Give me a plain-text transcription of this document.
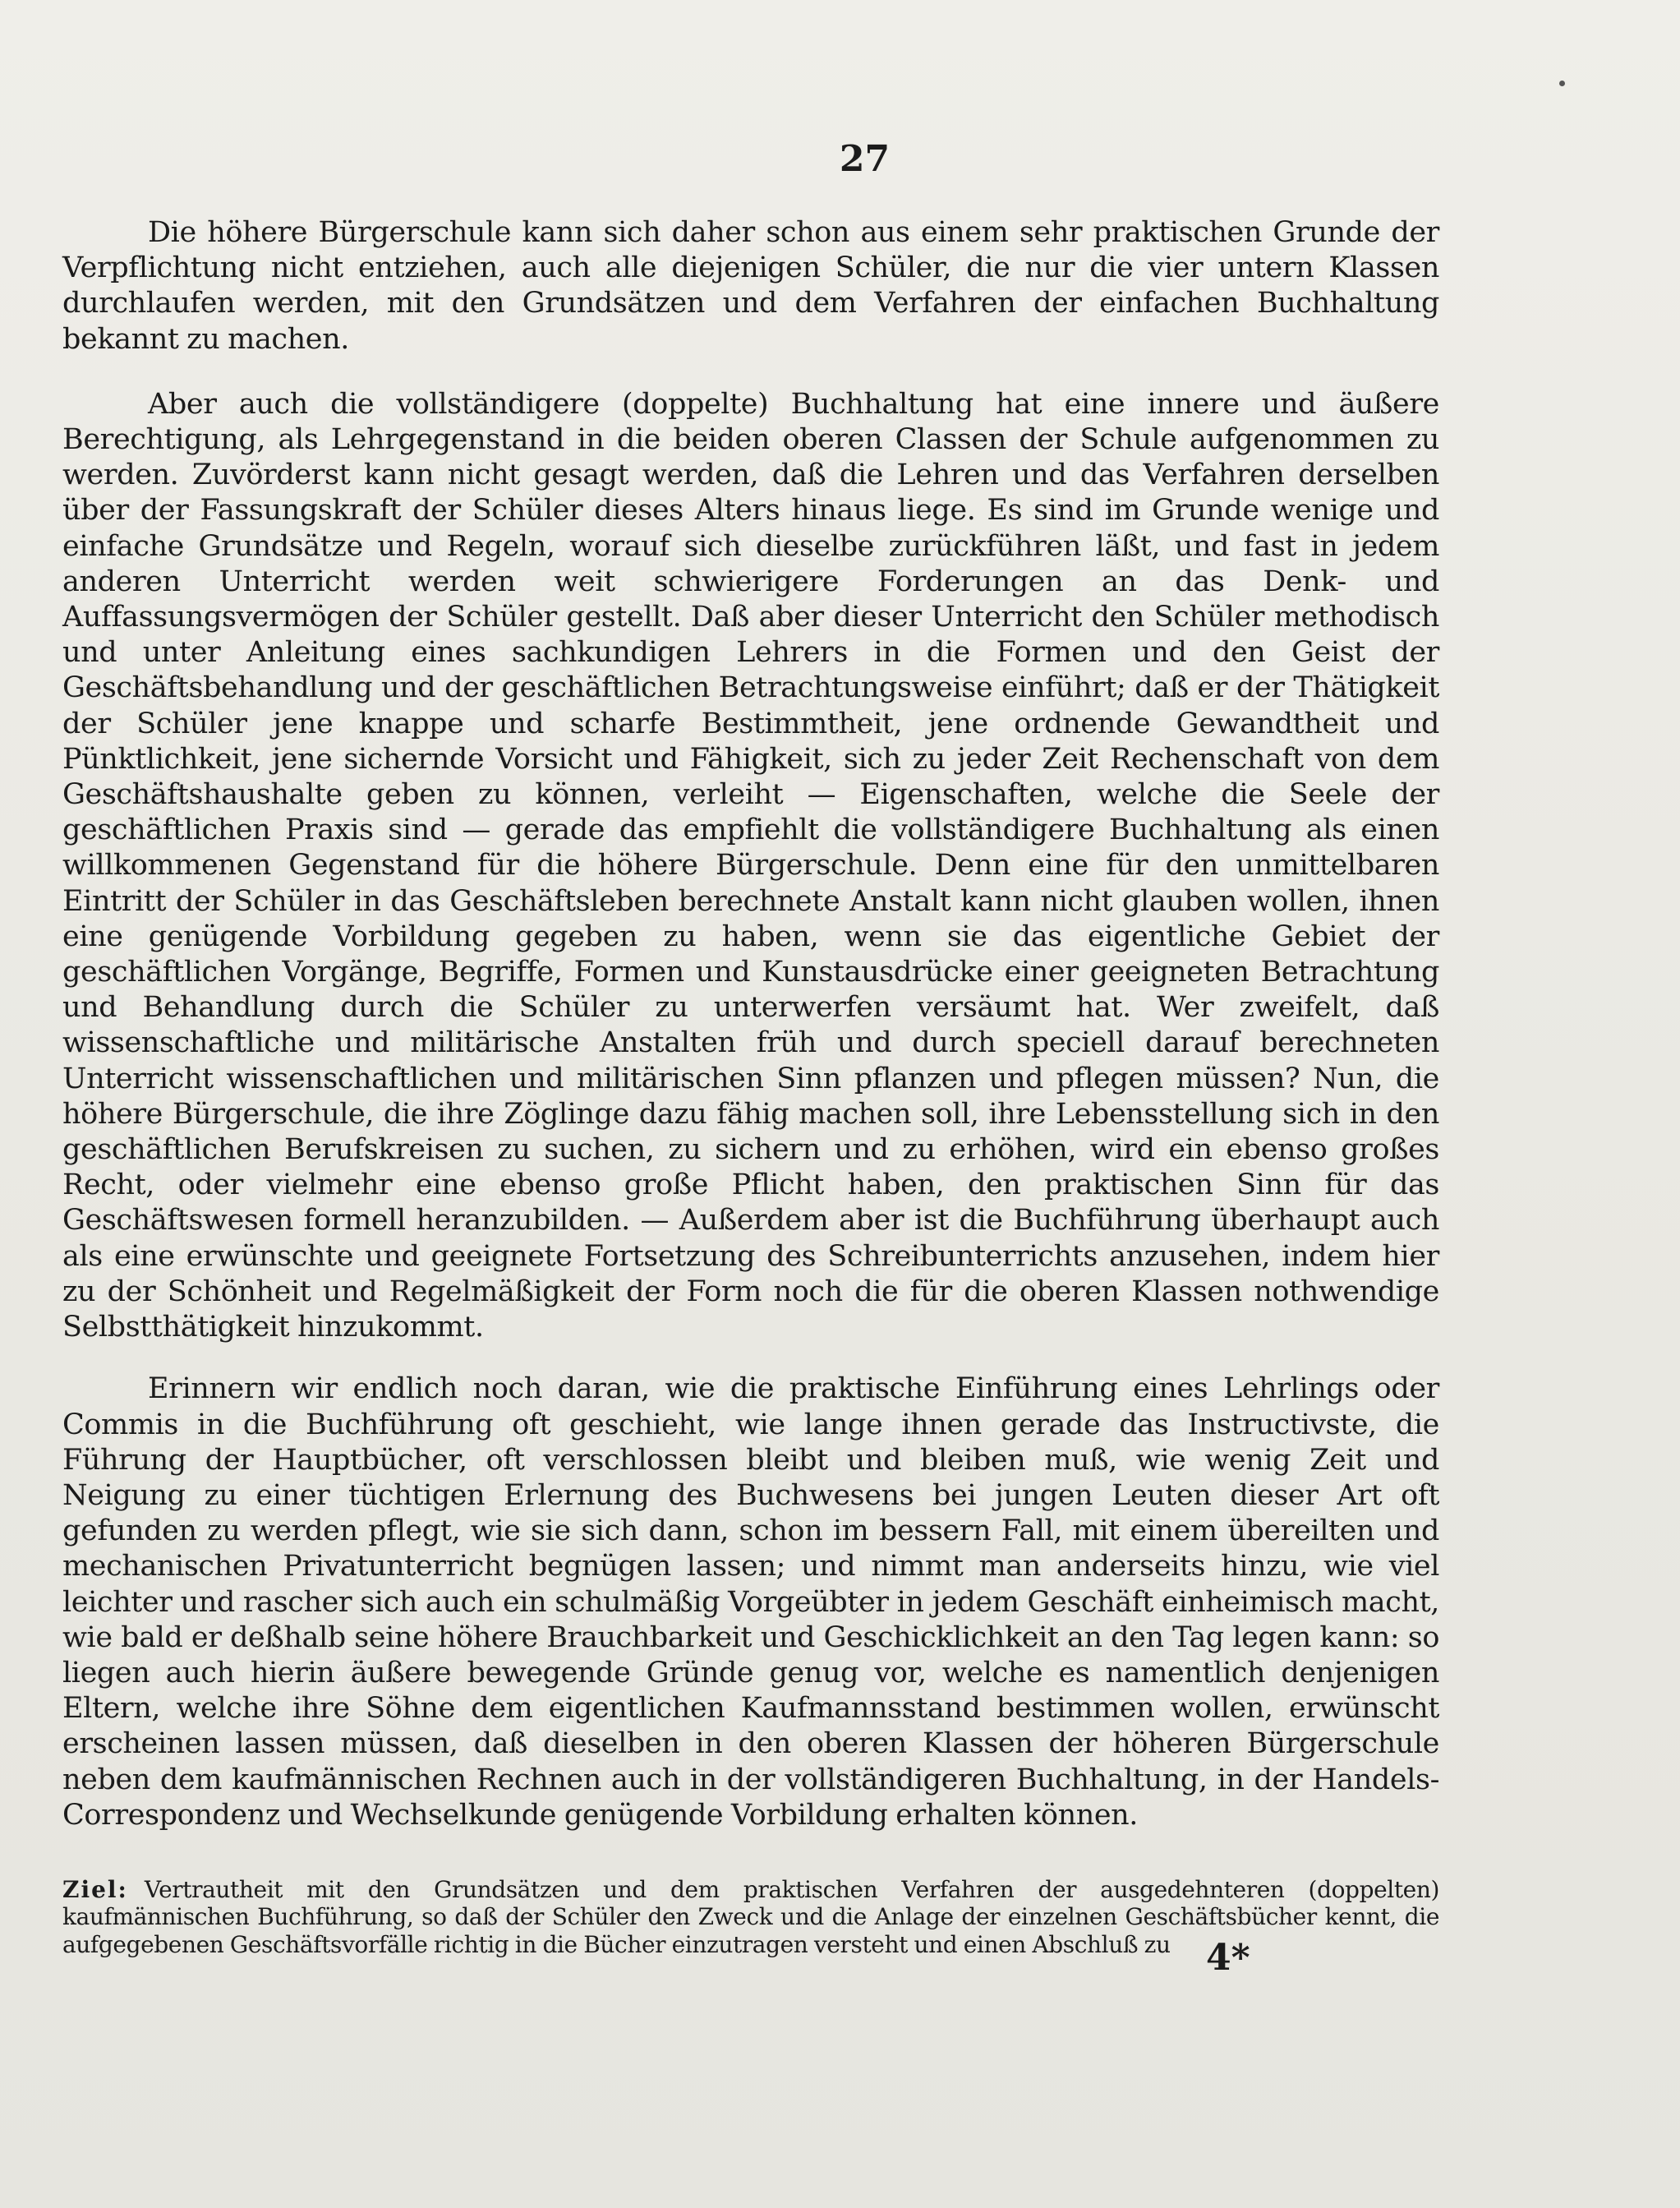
27

Die höhere Bürgerschule kann sich daher schon aus einem sehr praktischen Grunde der Verpflichtung nicht entziehen, auch alle diejenigen Schüler, die nur die vier untern Klassen durchlaufen werden, mit den Grundsätzen und dem Verfahren der einfachen Buchhaltung bekannt zu machen.

Aber auch die vollständigere (doppelte) Buchhaltung hat eine innere und äußere Berechtigung, als Lehrgegenstand in die beiden oberen Classen der Schule aufgenommen zu werden. Zuvörderst kann nicht gesagt werden, daß die Lehren und das Verfahren derselben über der Fassungskraft der Schüler dieses Alters hinaus liege. Es sind im Grunde wenige und einfache Grundsätze und Regeln, worauf sich dieselbe zurückführen läßt, und fast in jedem anderen Unterricht werden weit schwierigere Forderungen an das Denk- und Auffassungsvermögen der Schüler gestellt. Daß aber dieser Unterricht den Schüler methodisch und unter Anleitung eines sachkundigen Lehrers in die Formen und den Geist der Geschäftsbehandlung und der geschäftlichen Betrachtungsweise einführt; daß er der Thätigkeit der Schüler jene knappe und scharfe Bestimmtheit, jene ordnende Gewandtheit und Pünktlichkeit, jene sichernde Vorsicht und Fähigkeit, sich zu jeder Zeit Rechenschaft von dem Geschäftshaushalte geben zu können, verleiht — Eigenschaften, welche die Seele der geschäftlichen Praxis sind — gerade das empfiehlt die vollständigere Buchhaltung als einen willkommenen Gegenstand für die höhere Bürgerschule. Denn eine für den unmittelbaren Eintritt der Schüler in das Geschäftsleben berechnete Anstalt kann nicht glauben wollen, ihnen eine genügende Vorbildung gegeben zu haben, wenn sie das eigentliche Gebiet der geschäftlichen Vorgänge, Begriffe, Formen und Kunstausdrücke einer geeigneten Betrachtung und Behandlung durch die Schüler zu unterwerfen versäumt hat. Wer zweifelt, daß wissenschaftliche und militärische Anstalten früh und durch speciell darauf berechneten Unterricht wissenschaftlichen und militärischen Sinn pflanzen und pflegen müssen? Nun, die höhere Bürgerschule, die ihre Zöglinge dazu fähig machen soll, ihre Lebensstellung sich in den geschäftlichen Berufskreisen zu suchen, zu sichern und zu erhöhen, wird ein ebenso großes Recht, oder vielmehr eine ebenso große Pflicht haben, den praktischen Sinn für das Geschäftswesen formell heranzubilden. — Außerdem aber ist die Buchführung überhaupt auch als eine erwünschte und geeignete Fortsetzung des Schreibunterrichts anzusehen, indem hier zu der Schönheit und Regelmäßigkeit der Form noch die für die oberen Klassen nothwendige Selbstthätigkeit hinzukommt.

Erinnern wir endlich noch daran, wie die praktische Einführung eines Lehrlings oder Commis in die Buchführung oft geschieht, wie lange ihnen gerade das Instructivste, die Führung der Hauptbücher, oft verschlossen bleibt und bleiben muß, wie wenig Zeit und Neigung zu einer tüchtigen Erlernung des Buchwesens bei jungen Leuten dieser Art oft gefunden zu werden pflegt, wie sie sich dann, schon im bessern Fall, mit einem übereilten und mechanischen Privatunterricht begnügen lassen; und nimmt man anderseits hinzu, wie viel leichter und rascher sich auch ein schulmäßig Vorgeübter in jedem Geschäft einheimisch macht, wie bald er deßhalb seine höhere Brauchbarkeit und Geschicklichkeit an den Tag legen kann: so liegen auch hierin äußere bewegende Gründe genug vor, welche es namentlich denjenigen Eltern, welche ihre Söhne dem eigentlichen Kaufmannsstand bestimmen wollen, erwünscht erscheinen lassen müssen, daß dieselben in den oberen Klassen der höheren Bürgerschule neben dem kaufmännischen Rechnen auch in der vollständigeren Buchhaltung, in der Handels-Correspondenz und Wechselkunde genügende Vorbildung erhalten können.

Ziel: Vertrautheit mit den Grundsätzen und dem praktischen Verfahren der ausgedehnteren (doppelten) kaufmännischen Buchführung, so daß der Schüler den Zweck und die Anlage der einzelnen Geschäftsbücher kennt, die aufgegebenen Geschäftsvorfälle richtig in die Bücher einzutragen versteht und einen Abschluß zu 4*
